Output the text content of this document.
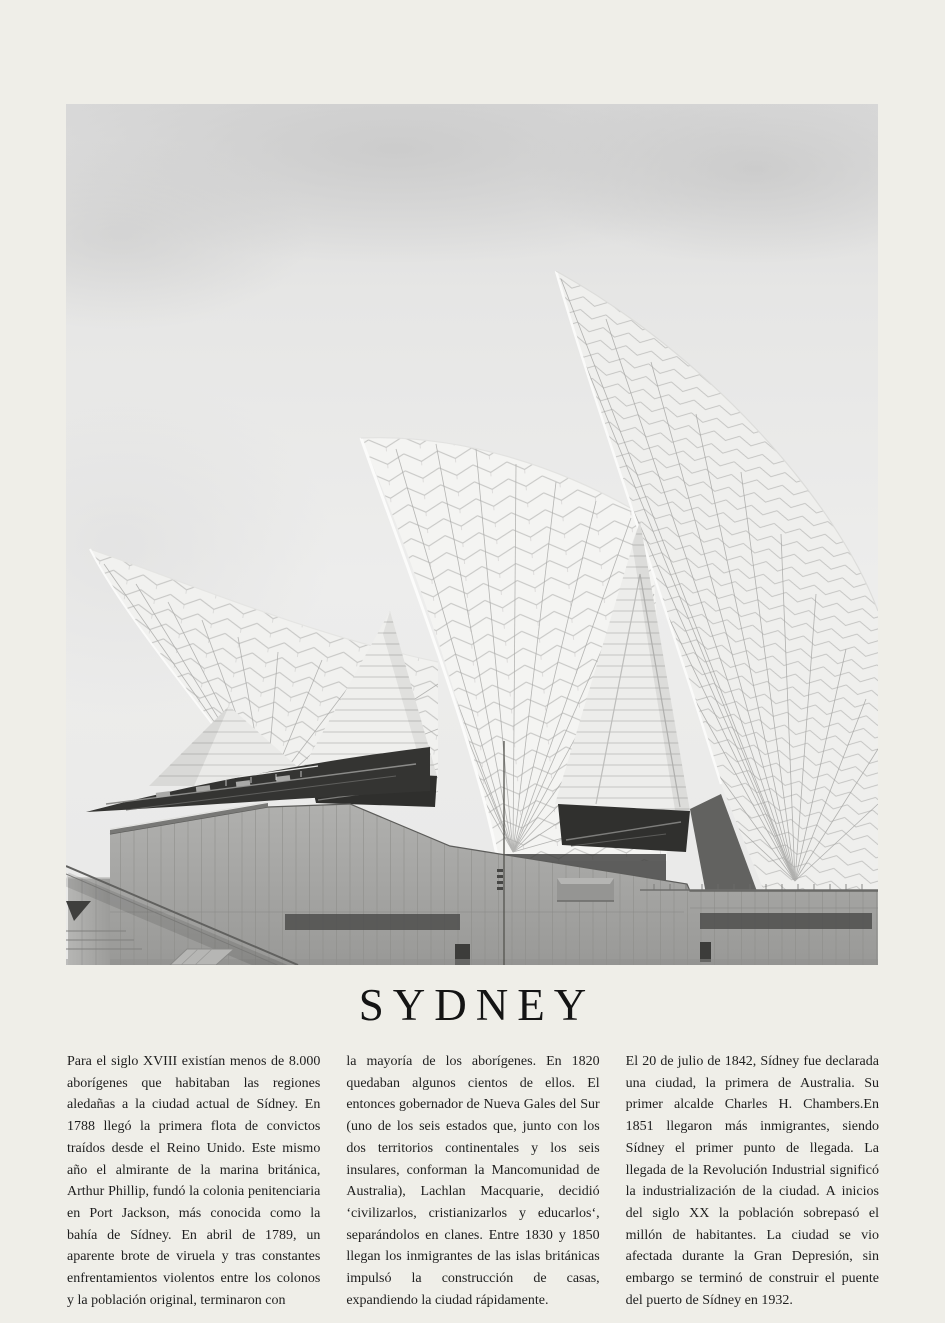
SYDNEY

Para el siglo XVIII existían menos de 8.000 aborígenes que habitaban las regiones aledañas a la ciudad actual de Sídney. En 1788 llegó la primera flota de convictos traídos desde el Reino Unido. Este mismo año el almirante de la marina británica, Arthur Phillip, fundó la colonia penitenciaria en Port Jackson, más conocida como la bahía de Sídney. En abril de 1789, un aparente brote de viruela y tras constantes enfrentamientos violentos entre los colonos y la población original, terminaron con

la mayoría de los aborígenes. En 1820 quedaban algunos cientos de ellos. El entonces gobernador de Nueva Gales del Sur (uno de los seis estados que, junto con los dos territorios continentales y los seis insulares, conforman la Mancomunidad de Australia), Lachlan Macquarie, decidió ‘civilizarlos, cristianizarlos y educarlos‘, separándolos en clanes. Entre 1830 y 1850 llegan los inmigrantes de las islas británicas impulsó la construcción de casas, expandiendo la ciudad rápidamente.

El 20 de julio de 1842, Sídney fue declarada una ciudad, la primera de Australia. Su primer alcalde Charles H. Chambers.En 1851 llegaron más inmigrantes, siendo Sídney el primer punto de llegada. La llegada de la Revolución Industrial significó la industrialización de la ciudad. A inicios del siglo XX la población sobrepasó el millón de habitantes. La ciudad se vio afectada durante la Gran Depresión, sin embargo se terminó de construir el puente del puerto de Sídney en 1932.
